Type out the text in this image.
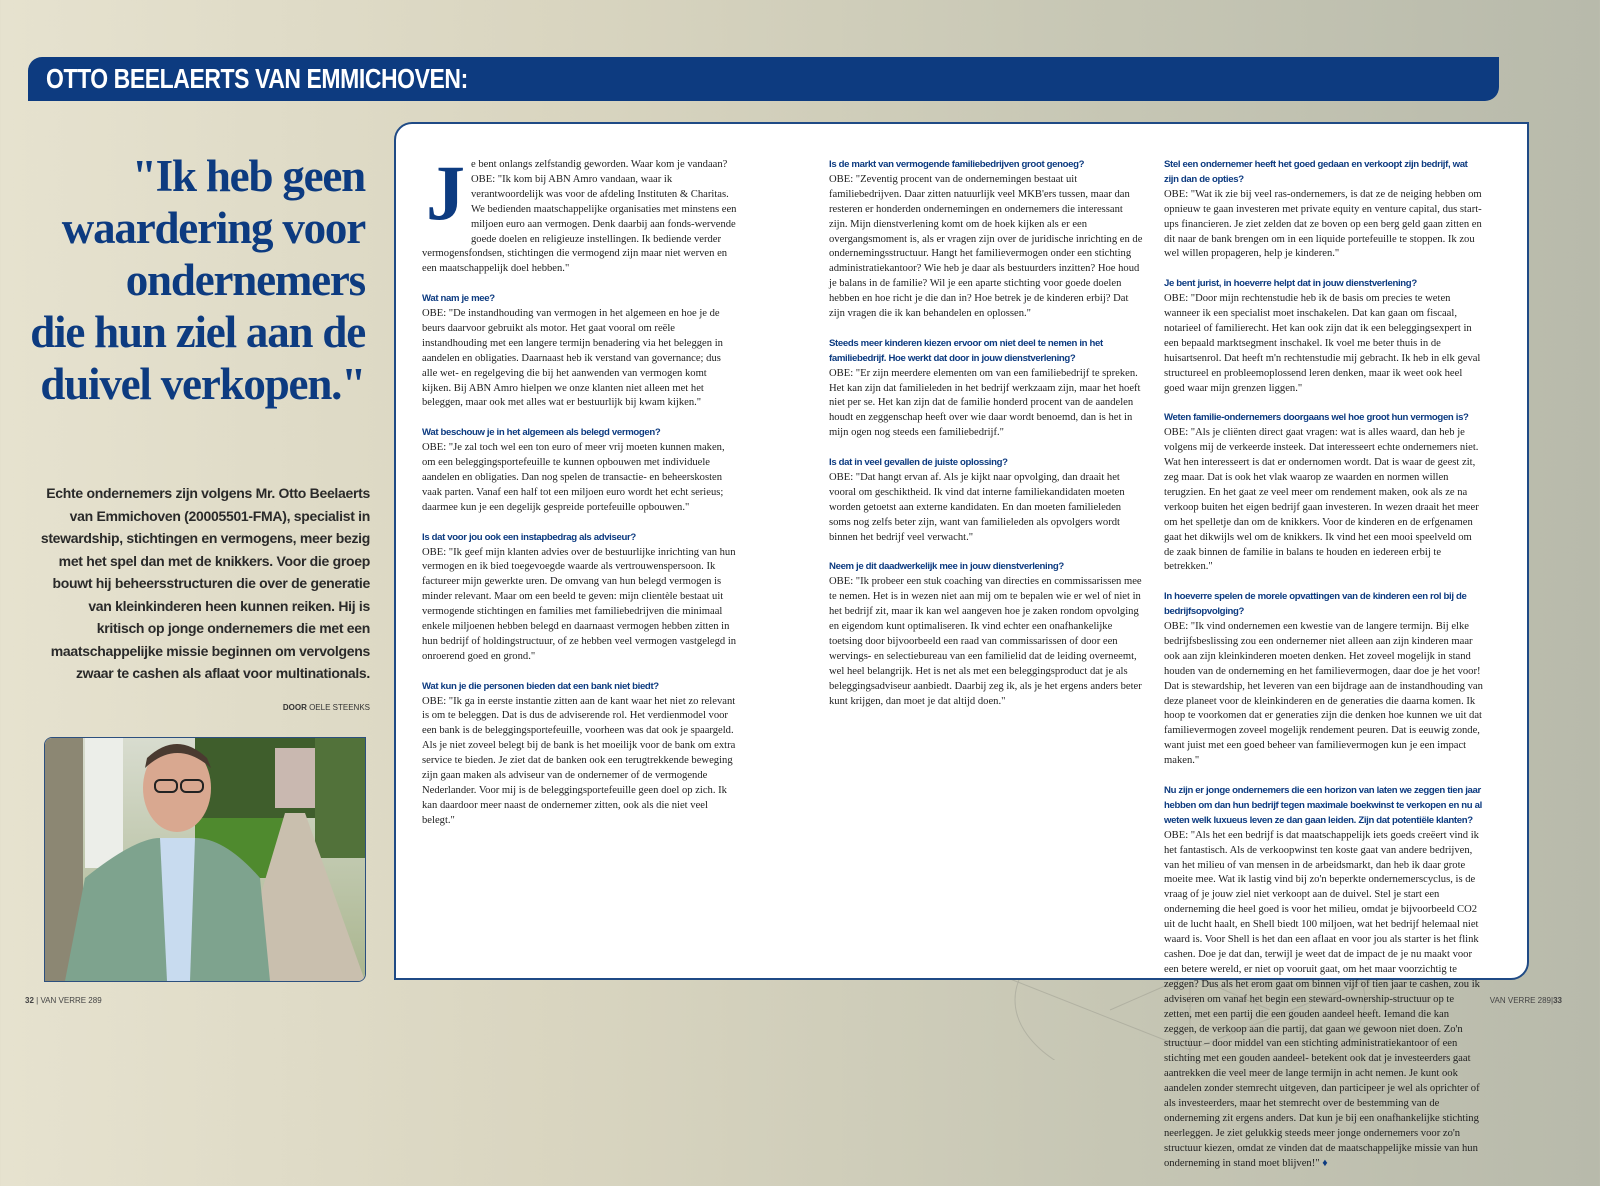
OTTO BEELAERTS VAN EMMICHOVEN:
"Ik heb geen
waardering voor
ondernemers
die hun ziel aan de
duivel verkopen."
Echte ondernemers zijn volgens Mr. Otto Beelaerts van Emmichoven (20005501-FMA), specialist in stewardship, stichtingen en vermogens, meer bezig met het spel dan met de knikkers. Voor die groep bouwt hij beheersstructuren die over de generatie van kleinkinderen heen kunnen reiken. Hij is kritisch op jonge ondernemers die met een maatschappelijke missie beginnen om vervolgens zwaar te cashen als aflaat voor multinationals.
DOOR OELE STEENKS

J e bent onlangs zelfstandig geworden. Waar kom je vandaan?
OBE: "Ik kom bij ABN Amro vandaan, waar ik verantwoordelijk was voor de afdeling Instituten & Charitas. We bedienden maatschappelijke organisaties met minstens een miljoen euro aan vermogen. Denk daarbij aan fonds-wervende goede doelen en religieuze instellingen. Ik bediende verder vermogensfondsen, stichtingen die vermogend zijn maar niet werven en een maatschappelijk doel hebben."

Wat nam je mee?
OBE: "De instandhouding van vermogen in het algemeen en hoe je de beurs daarvoor gebruikt als motor. Het gaat vooral om reële instandhouding met een langere termijn benadering via het beleggen in aandelen en obligaties. Daarnaast heb ik verstand van governance; dus alle wet- en regelgeving die bij het aanwenden van vermogen komt kijken. Bij ABN Amro hielpen we onze klanten niet alleen met het beleggen, maar ook met alles wat er bestuurlijk bij kwam kijken."

Wat beschouw je in het algemeen als belegd vermogen?
OBE: "Je zal toch wel een ton euro of meer vrij moeten kunnen maken, om een beleggingsportefeuille te kunnen opbouwen met individuele aandelen en obligaties. Dan nog spelen de transactie- en beheerskosten vaak parten. Vanaf een half tot een miljoen euro wordt het echt serieus; daarmee kun je een degelijk gespreide portefeuille opbouwen."

Is dat voor jou ook een instapbedrag als adviseur?
OBE: "Ik geef mijn klanten advies over de bestuurlijke inrichting van hun vermogen en ik bied toegevoegde waarde als vertrouwenspersoon. Ik factureer mijn gewerkte uren. De omvang van hun belegd vermogen is minder relevant. Maar om een beeld te geven: mijn clientèle bestaat uit vermogende stichtingen en families met familiebedrijven die minimaal enkele miljoenen hebben belegd en daarnaast vermogen hebben zitten in hun bedrijf of holdingstructuur, of ze hebben veel vermogen vastgelegd in onroerend goed en grond."

Wat kun je die personen bieden dat een bank niet biedt?
OBE: "Ik ga in eerste instantie zitten aan de kant waar het niet zo relevant is om te beleggen. Dat is dus de adviserende rol. Het verdienmodel voor een bank is de beleggingsportefeuille, voorheen was dat ook je spaargeld. Als je niet zoveel belegt bij de bank is het moeilijk voor de bank om extra service te bieden. Je ziet dat de banken ook een terugtrekkende beweging zijn gaan maken als adviseur van de ondernemer of de vermogende Nederlander. Voor mij is de beleggingsportefeuille geen doel op zich. Ik kan daardoor meer naast de ondernemer zitten, ook als die niet veel belegt."

Is de markt van vermogende familiebedrijven groot genoeg?
OBE: "Zeventig procent van de ondernemingen bestaat uit familiebedrijven. Daar zitten natuurlijk veel MKB'ers tussen, maar dan resteren er honderden ondernemingen en ondernemers die interessant zijn. Mijn dienstverlening komt om de hoek kijken als er een overgangsmoment is, als er vragen zijn over de juridische inrichting en de ondernemingsstructuur. Hangt het familievermogen onder een stichting administratiekantoor? Wie heb je daar als bestuurders inzitten? Hoe houd je balans in de familie? Wil je een aparte stichting voor goede doelen hebben en hoe richt je die dan in? Hoe betrek je de kinderen erbij? Dat zijn vragen die ik kan behandelen en oplossen."

Steeds meer kinderen kiezen ervoor om niet deel te nemen in het familiebedrijf. Hoe werkt dat door in jouw dienstverlening?
OBE: "Er zijn meerdere elementen om van een familiebedrijf te spreken. Het kan zijn dat familieleden in het bedrijf werkzaam zijn, maar het hoeft niet per se. Het kan zijn dat de familie honderd procent van de aandelen houdt en zeggenschap heeft over wie daar wordt benoemd, dan is het in mijn ogen nog steeds een familiebedrijf."

Is dat in veel gevallen de juiste oplossing?
OBE: "Dat hangt ervan af. Als je kijkt naar opvolging, dan draait het vooral om geschiktheid. Ik vind dat interne familiekandidaten moeten worden getoetst aan externe kandidaten. En dan moeten familieleden soms nog zelfs beter zijn, want van familieleden als opvolgers wordt binnen het bedrijf veel verwacht."

Neem je dit daadwerkelijk mee in jouw dienstverlening?
OBE: "Ik probeer een stuk coaching van directies en commissarissen mee te nemen. Het is in wezen niet aan mij om te bepalen wie er wel of niet in het bedrijf zit, maar ik kan wel aangeven hoe je zaken rondom opvolging en eigendom kunt optimaliseren. Ik vind echter een onafhankelijke toetsing door bijvoorbeeld een raad van commissarissen of door een wervings- en selectiebureau van een familielid dat de leiding overneemt, wel heel belangrijk. Het is net als met een beleggingsproduct dat je als beleggingsadviseur aanbiedt. Daarbij zeg ik, als je het ergens anders beter kunt krijgen, dan moet je dat altijd doen."

Stel een ondernemer heeft het goed gedaan en verkoopt zijn bedrijf, wat zijn dan de opties?
OBE: "Wat ik zie bij veel ras-ondernemers, is dat ze de neiging hebben om opnieuw te gaan investeren met private equity en venture capital, dus start-ups financieren. Je ziet zelden dat ze boven op een berg geld gaan zitten en dit naar de bank brengen om in een liquide portefeuille te stoppen. Ik zou wel willen propageren, help je kinderen."

Je bent jurist, in hoeverre helpt dat in jouw dienstverlening?
OBE: "Door mijn rechtenstudie heb ik de basis om precies te weten wanneer ik een specialist moet inschakelen. Dat kan gaan om fiscaal, notarieel of familierecht. Het kan ook zijn dat ik een beleggingsexpert in een bepaald marktsegment inschakel. Ik voel me beter thuis in de huisartsenrol. Dat heeft m'n rechtenstudie mij gebracht. Ik heb in elk geval structureel en probleemoplossend leren denken, maar ik weet ook heel goed waar mijn grenzen liggen."

Weten familie-ondernemers doorgaans wel hoe groot hun vermogen is?
OBE: "Als je cliënten direct gaat vragen: wat is alles waard, dan heb je volgens mij de verkeerde insteek. Dat interesseert echte ondernemers niet. Wat hen interesseert is dat er ondernomen wordt. Dat is waar de geest zit, zeg maar. Dat is ook het vlak waarop ze waarden en normen willen terugzien. En het gaat ze veel meer om rendement maken, ook als ze na verkoop buiten het eigen bedrijf gaan investeren. In wezen draait het meer om het spelletje dan om de knikkers. Voor de kinderen en de erfgenamen gaat het dikwijls wel om de knikkers. Ik vind het een mooi speelveld om de zaak binnen de familie in balans te houden en iedereen erbij te betrekken."

In hoeverre spelen de morele opvattingen van de kinderen een rol bij de bedrijfsopvolging?
OBE: "Ik vind ondernemen een kwestie van de langere termijn. Bij elke bedrijfsbeslissing zou een ondernemer niet alleen aan zijn kinderen maar ook aan zijn kleinkinderen moeten denken. Het zoveel mogelijk in stand houden van de onderneming en het familievermogen, daar doe je het voor! Dat is stewardship, het leveren van een bijdrage aan de instandhouding van deze planeet voor de kleinkinderen en de generaties die daarna komen. Ik hoop te voorkomen dat er generaties zijn die denken hoe kunnen we uit dat familievermogen zoveel mogelijk rendement peuren. Dat is eeuwig zonde, want juist met een goed beheer van familievermogen kun je een impact maken."

Nu zijn er jonge ondernemers die een horizon van laten we zeggen tien jaar hebben om dan hun bedrijf tegen maximale boekwinst te verkopen en nu al weten welk luxueus leven ze dan gaan leiden. Zijn dat potentiële klanten?
OBE: "Als het een bedrijf is dat maatschappelijk iets goeds creëert vind ik het fantastisch. Als de verkoopwinst ten koste gaat van andere bedrijven, van het milieu of van mensen in de arbeidsmarkt, dan heb ik daar grote moeite mee. Wat ik lastig vind bij zo'n beperkte ondernemerscyclus, is de vraag of je jouw ziel niet verkoopt aan de duivel. Stel je start een onderneming die heel goed is voor het milieu, omdat je bijvoorbeeld CO2 uit de lucht haalt, en Shell biedt 100 miljoen, wat het bedrijf helemaal niet waard is. Voor Shell is het dan een aflaat en voor jou als starter is het flink cashen. Doe je dat dan, terwijl je weet dat de impact de je nu maakt voor een betere wereld, er niet op vooruit gaat, om het maar voorzichtig te zeggen? Dus als het erom gaat om binnen vijf of tien jaar te cashen, zou ik adviseren om vanaf het begin een steward-ownership-structuur op te zetten, met een partij die een gouden aandeel heeft. Iemand die kan zeggen, de verkoop aan die partij, dat gaan we gewoon niet doen. Zo'n structuur – door middel van een stichting administratiekantoor of een stichting met een gouden aandeel- betekent ook dat je investeerders gaat aantrekken die veel meer de lange termijn in acht nemen. Je kunt ook aandelen zonder stemrecht uitgeven, dan participeer je wel als oprichter of als investeerders, maar het stemrecht over de bestemming van de onderneming zit ergens anders. Dat kun je bij een onafhankelijke stichting neerleggen. Je ziet gelukkig steeds meer jonge ondernemers voor zo'n structuur kiezen, omdat ze vinden dat de maatschappelijke missie van hun onderneming in stand moet blijven!" ♦

32 | VAN VERRE 289	VAN VERRE 289|33
